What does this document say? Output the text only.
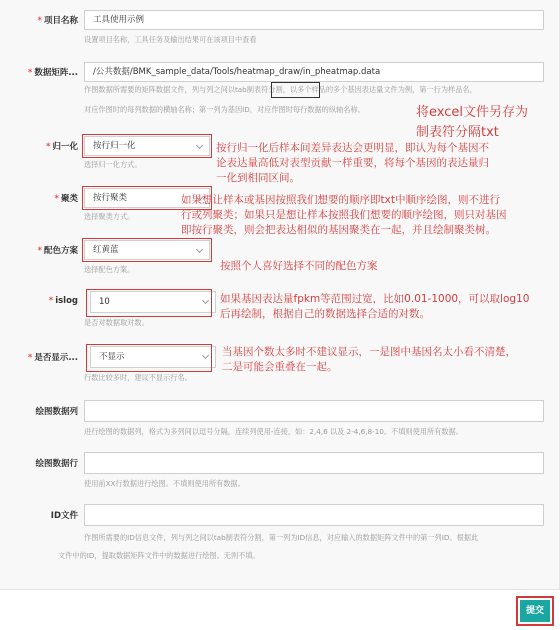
* 项目名称	工具使用示例
设置项目名称，工具任务及输出结果可在该项目中查看
* 数据矩阵...	/公共数据/BMK_sample_data/Tools/heatmap_draw/in_pheatmap.data
作图数据所需要的矩阵数据文件，列与列之间以tab制表符分割，以多个样品的多个基因表达量文件为例，第一行为样品名，
对应作图时的每列数据的横轴名称；第一列为基因ID，对应作图时每行数据的纵轴名称。	将excel文件另存为
制表符分隔txt
* 归一化	按行归一化
选择归一化方式。
按行归一化后样本间差异表达会更明显，即认为每个基因不
论表达量高低对表型贡献一样重要，将每个基因的表达量归
一化到相同区间。
* 聚类	按行聚类
选择聚类方式。
如果想让样本或基因按照我们想要的顺序即txt中顺序绘图，则不进行
行或列聚类；如果只是想让样本按照我们想要的顺序绘图，则只对基因
即按行聚类，则会把表达相似的基因聚类在一起，并且绘制聚类树。
* 配色方案	红黄蓝
选择配色方案。	按照个人喜好选择不同的配色方案
* islog	10
是否对数据取对数。
如果基因表达量fpkm等范围过宽，比如0.01-1000，可以取log10
后再绘制，根据自己的数据选择合适的对数。
* 是否显示...	不显示
行数比较多时，建议不显示行名。
当基因个数太多时不建议显示，一是图中基因名太小看不清楚，
二是可能会重叠在一起。
绘图数据列
进行绘图的数据列，格式为多列间以逗号分隔，连续列使用-连接，如：2,4,6 以及 2-4,6,8-10。不填则使用所有数据。
绘图数据行
使用前XX行数据进行绘图。不填则使用所有数据。
ID文件
作图所需要的ID信息文件，列与列之间以tab制表符分割，第一列为ID信息，对应输入的数据矩阵文件中的第一列ID。根据此
文件中的ID，提取数据矩阵文件中的数据进行绘图。无则不填。
提交
